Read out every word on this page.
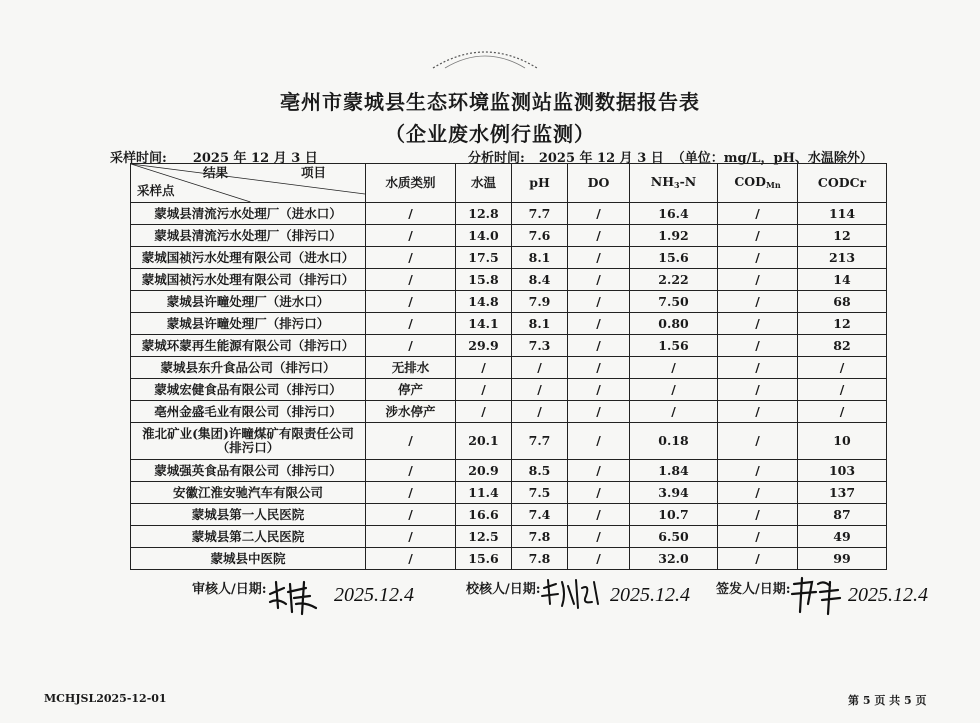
亳州市蒙城县生态环境监测站监测数据报告表
（企业废水例行监测）
采样时间: 2025 年 12 月 3 日	分析时间: 2025 年 12 月 3 日 （单位：mg/L，pH、水温除外）
结果 项目
采样点	水质类别	水温	pH	DO	$NH_3-N$	$COD_{Mn}$	CODCr
蒙城县清流污水处理厂（进水口）	/	12.8	7.7	/	16.4	/	114
蒙城县清流污水处理厂（排污口）	/	14.0	7.6	/	1.92	/	12
蒙城国祯污水处理有限公司（进水口）	/	17.5	8.1	/	15.6	/	213
蒙城国祯污水处理有限公司（排污口）	/	15.8	8.4	/	2.22	/	14
蒙城县许疃处理厂（进水口）	/	14.8	7.9	/	7.50	/	68
蒙城县许疃处理厂（排污口）	/	14.1	8.1	/	0.80	/	12
蒙城环蒙再生能源有限公司（排污口）	/	29.9	7.3	/	1.56	/	82
蒙城县东升食品公司（排污口）	无排水	/	/	/	/	/	/
蒙城宏健食品有限公司（排污口）	停产	/	/	/	/	/	/
亳州金盛毛业有限公司（排污口）	涉水停产	/	/	/	/	/	/
淮北矿业(集团)许疃煤矿有限责任公司
（排污口）	/	20.1	7.7	/	0.18	/	10
蒙城强英食品有限公司（排污口）	/	20.9	8.5	/	1.84	/	103
安徽江淮安驰汽车有限公司	/	11.4	7.5	/	3.94	/	137
蒙城县第一人民医院	/	16.6	7.4	/	10.7	/	87
蒙城县第二人民医院	/	12.5	7.8	/	6.50	/	49
蒙城县中医院	/	15.6	7.8	/	32.0	/	99
审核人/日期:	2025.12.4	校核人/日期:	2025.12.4 签发人/日期:	2025.12.4
MCHJSL2025-12-01	第 5 页 共 5 页
